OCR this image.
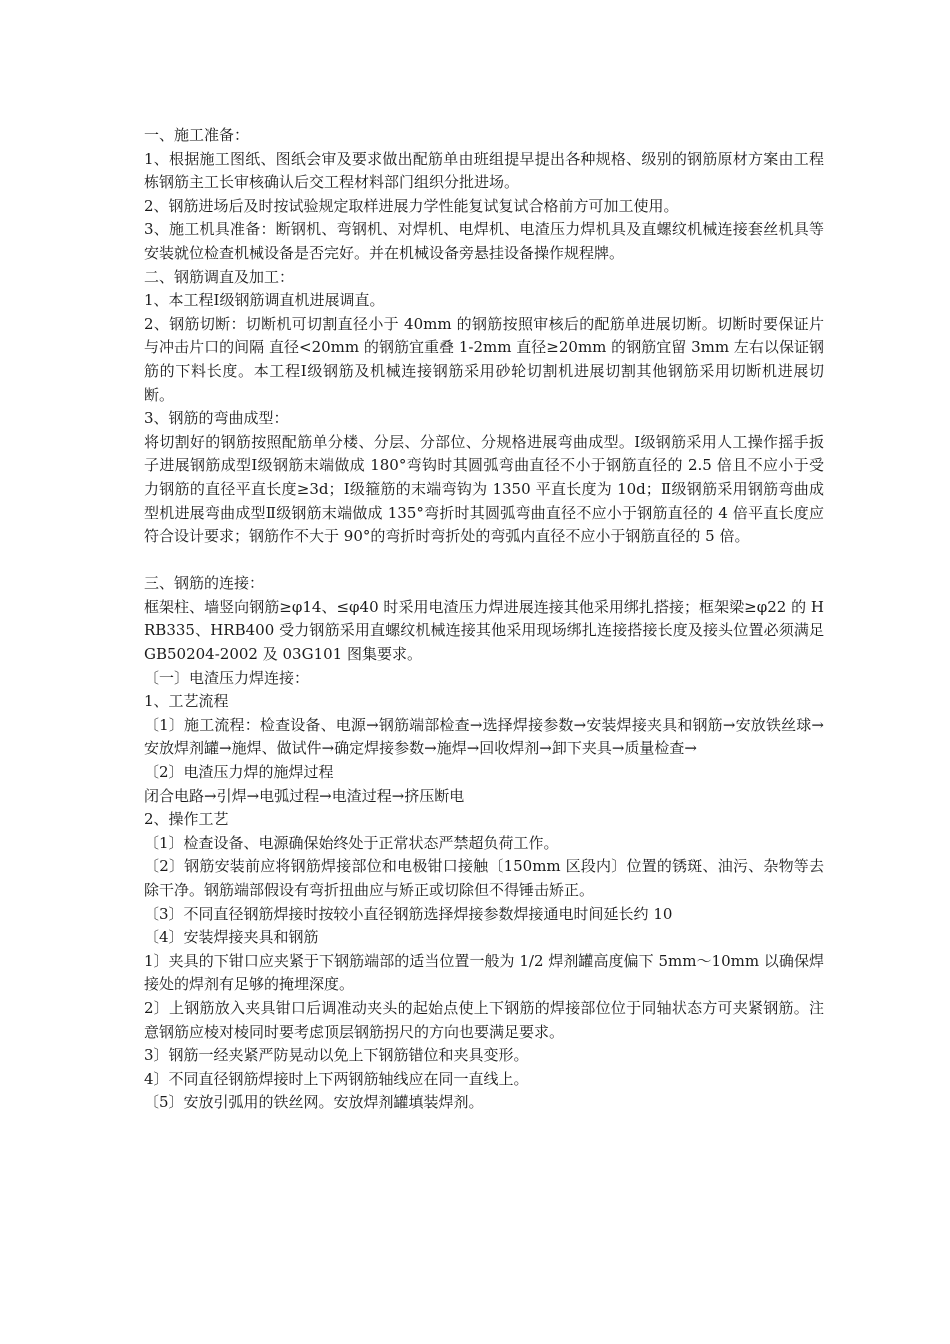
一、施工准备：

1、根据施工图纸、图纸会审及要求做出配筋单由班组提早提出各种规格、级别的钢筋原材方案由工程栋钢筋主工长审核确认后交工程材料部门组织分批进场。

2、钢筋进场后及时按试验规定取样进展力学性能复试复试合格前方可加工使用。

3、施工机具准备：断钢机、弯钢机、对焊机、电焊机、电渣压力焊机具及直螺纹机械连接套丝机具等安装就位检查机械设备是否完好。并在机械设备旁悬挂设备操作规程牌。

二、钢筋调直及加工：

1、本工程Ⅰ级钢筋调直机进展调直。

2、钢筋切断：切断机可切割直径小于 40mm 的钢筋按照审核后的配筋单进展切断。切断时要保证片与冲击片口的间隔 直径<20mm 的钢筋宜重叠 1-2mm 直径≥20mm 的钢筋宜留 3mm 左右以保证钢筋的下料长度。本工程Ⅰ级钢筋及机械连接钢筋采用砂轮切割机进展切割其他钢筋采用切断机进展切断。

3、钢筋的弯曲成型：

将切割好的钢筋按照配筋单分楼、分层、分部位、分规格进展弯曲成型。Ⅰ级钢筋采用人工操作摇手扳子进展钢筋成型Ⅰ级钢筋末端做成 180°弯钩时其圆弧弯曲直径不小于钢筋直径的 2.5 倍且不应小于受力钢筋的直径平直长度≥3d；Ⅰ级箍筋的末端弯钩为 1350 平直长度为 10d；Ⅱ级钢筋采用钢筋弯曲成型机进展弯曲成型Ⅱ级钢筋末端做成 135°弯折时其圆弧弯曲直径不应小于钢筋直径的 4 倍平直长度应符合设计要求；钢筋作不大于 90°的弯折时弯折处的弯弧内直径不应小于钢筋直径的 5 倍。

三、钢筋的连接：

框架柱、墙竖向钢筋≥φ14、≤φ40 时采用电渣压力焊进展连接其他采用绑扎搭接；框架梁≥φ22 的 HRB335、HRB400 受力钢筋采用直螺纹机械连接其他采用现场绑扎连接搭接长度及接头位置必须满足 GB50204-2002 及 03G101 图集要求。

〔一〕电渣压力焊连接：

1、工艺流程

〔1〕施工流程：检查设备、电源→钢筋端部检查→选择焊接参数→安装焊接夹具和钢筋→安放铁丝球→安放焊剂罐→施焊、做试件→确定焊接参数→施焊→回收焊剂→卸下夹具→质量检查→

〔2〕电渣压力焊的施焊过程

闭合电路→引焊→电弧过程→电渣过程→挤压断电

2、操作工艺

〔1〕检查设备、电源确保始终处于正常状态严禁超负荷工作。

〔2〕钢筋安装前应将钢筋焊接部位和电极钳口接触〔150mm 区段内〕位置的锈斑、油污、杂物等去除干净。钢筋端部假设有弯折扭曲应与矫正或切除但不得锤击矫正。

〔3〕不同直径钢筋焊接时按较小直径钢筋选择焊接参数焊接通电时间延长约 10

〔4〕安装焊接夹具和钢筋

1〕夹具的下钳口应夹紧于下钢筋端部的适当位置一般为 1/2 焊剂罐高度偏下 5mm～10mm 以确保焊接处的焊剂有足够的掩埋深度。

2〕上钢筋放入夹具钳口后调准动夹头的起始点使上下钢筋的焊接部位位于同轴状态方可夹紧钢筋。注意钢筋应棱对棱同时要考虑顶层钢筋拐尺的方向也要满足要求。

3〕钢筋一经夹紧严防晃动以免上下钢筋错位和夹具变形。

4〕不同直径钢筋焊接时上下两钢筋轴线应在同一直线上。

〔5〕安放引弧用的铁丝网。安放焊剂罐填装焊剂。
